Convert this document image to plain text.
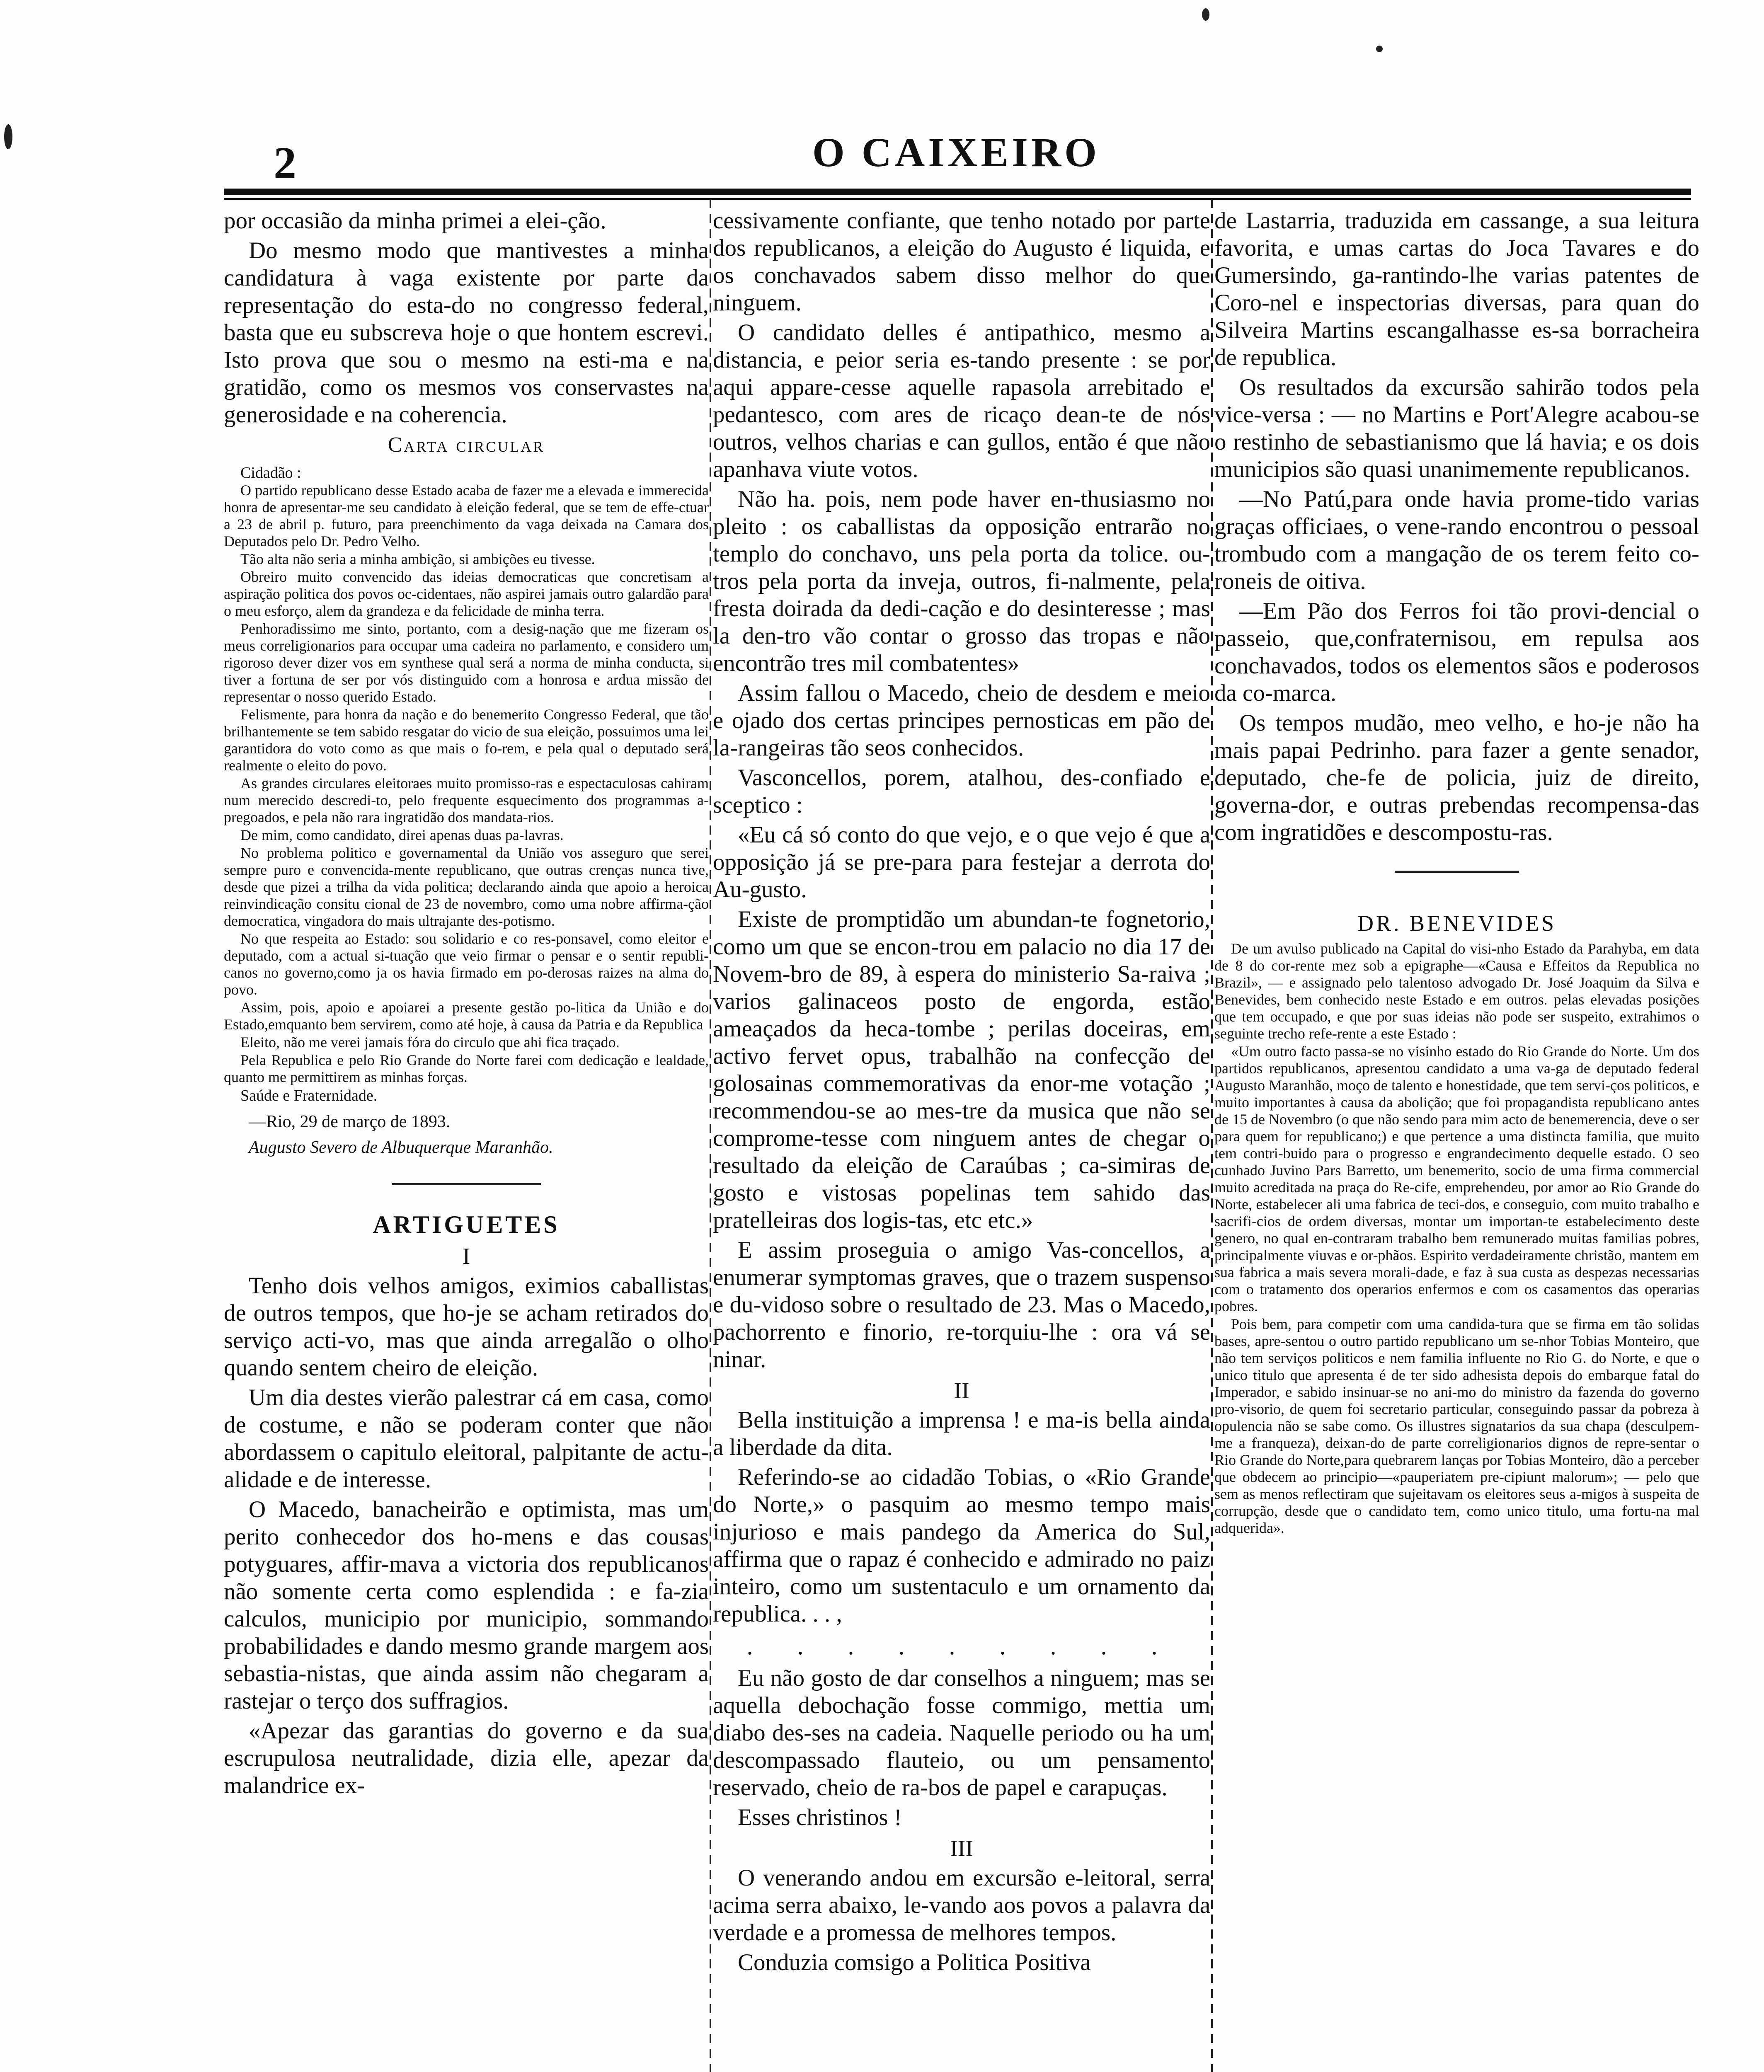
2	O CAIXEIRO

por occasião da minha primei a elei-ção.

Do mesmo modo que mantivestes a minha candidatura à vaga existente por parte da representação do esta-do no congresso federal, basta que eu subscreva hoje o que hontem escrevi. Isto prova que sou o mesmo na esti-ma e na gratidão, como os mesmos vos conservastes na generosidade e na coherencia.

Carta circular
Cidadão :

O partido republicano desse Estado acaba de fazer me a elevada e immerecida honra de apresentar-me seu candidato à eleição federal, que se tem de effe-ctuar a 23 de abril p. futuro, para preenchimento da vaga deixada na Camara dos Deputados pelo Dr. Pedro Velho.

Tão alta não seria a minha ambição, si ambições eu tivesse.

Obreiro muito convencido das ideias democraticas que concretisam a aspiração politica dos povos oc-cidentaes, não aspirei jamais outro galardão para o meu esforço, alem da grandeza e da felicidade de minha terra.

Penhoradissimo me sinto, portanto, com a desig-nação que me fizeram os meus correligionarios para occupar uma cadeira no parlamento, e considero um rigoroso dever dizer vos em synthese qual será a norma de minha conducta, si tiver a fortuna de ser por vós distinguido com a honrosa e ardua missão de representar o nosso querido Estado.

Felismente, para honra da nação e do benemerito Congresso Federal, que tão brilhantemente se tem sabido resgatar do vicio de sua eleição, possuimos uma lei garantidora do voto como as que mais o fo-rem, e pela qual o deputado será realmente o eleito do povo.

As grandes circulares eleitoraes muito promisso-ras e espectaculosas cahiram num merecido descredi-to, pelo frequente esquecimento dos programmas a-pregoados, e pela não rara ingratidão dos mandata-rios.

De mim, como candidato, direi apenas duas pa-lavras.

No problema politico e governamental da União vos asseguro que serei sempre puro e convencida-mente republicano, que outras crenças nunca tive, desde que pizei a trilha da vida politica; declarando ainda que apoio a heroica reinvindicação consitu cional de 23 de novembro, como uma nobre affirma-ção democratica, vingadora do mais ultrajante des-potismo.

No que respeita ao Estado: sou solidario e co res-ponsavel, como eleitor e deputado, com a actual si-tuação que veio firmar o pensar e o sentir republi-canos no governo,como ja os havia firmado em po-derosas raizes na alma do povo.

Assim, pois, apoio e apoiarei a presente gestão po-litica da União e do Estado,emquanto bem servirem, como até hoje, à causa da Patria e da Republica

Eleito, não me verei jamais fóra do circulo que ahi fica traçado.

Pela Republica e pelo Rio Grande do Norte farei com dedicação e lealdade, quanto me permittirem as minhas forças.

Saúde e Fraternidade.
—Rio, 29 de março de 1893.
Augusto Severo de Albuquerque Maranhão.
ARTIGUETES
I

Tenho dois velhos amigos, eximios caballistas de outros tempos, que ho-je se acham retirados do serviço acti-vo, mas que ainda arregalão o olho quando sentem cheiro de eleição.

Um dia destes vierão palestrar cá em casa, como de costume, e não se poderam conter que não abordassem o capitulo eleitoral, palpitante de actu-alidade e de interesse.

O Macedo, banacheirão e optimista, mas um perito conhecedor dos ho-mens e das cousas potyguares, affir-mava a victoria dos republicanos não somente certa como esplendida : e fa-zia calculos, municipio por municipio, sommando probabilidades e dando mesmo grande margem aos sebastia-nistas, que ainda assim não chegaram a rastejar o terço dos suffragios.

«Apezar das garantias do governo e da sua escrupulosa neutralidade, dizia elle, apezar da malandrice ex-

cessivamente confiante, que tenho notado por parte dos republicanos, a eleição do Augusto é liquida, e os conchavados sabem disso melhor do que ninguem.

O candidato delles é antipathico, mesmo a distancia, e peior seria es-tando presente : se por aqui appare-cesse aquelle rapasola arrebitado e pedantesco, com ares de ricaço dean-te de nós outros, velhos charias e can gullos, então é que não apanhava viute votos.

Não ha. pois, nem pode haver en-thusiasmo no pleito : os caballistas da opposição entrarão no templo do conchavo, uns pela porta da tolice. ou-tros pela porta da inveja, outros, fi-nalmente, pela fresta doirada da dedi-cação e do desinteresse ; mas la den-tro vão contar o grosso das tropas e não encontrão tres mil combatentes»

Assim fallou o Macedo, cheio de desdem e meio e ojado dos certas principes pernosticas em pão de la-rangeiras tão seos conhecidos.

Vasconcellos, porem, atalhou, des-confiado e sceptico :

«Eu cá só conto do que vejo, e o que vejo é que a opposição já se pre-para para festejar a derrota do Au-gusto.

Existe de promptidão um abundan-te fognetorio, como um que se encon-trou em palacio no dia 17 de Novem-bro de 89, à espera do ministerio Sa-raiva ; varios galinaceos posto de engorda, estão ameaçados da heca-tombe ; perilas doceiras, em activo fervet opus, trabalhão na confecção de golosainas commemorativas da enor-me votação ; recommendou-se ao mes-tre da musica que não se comprome-tesse com ninguem antes de chegar o resultado da eleição de Caraúbas ; ca-simiras de gosto e vistosas popelinas tem sahido das pratelleiras dos logis-tas, etc etc.»

E assim proseguia o amigo Vas-concellos, a enumerar symptomas graves, que o trazem suspenso e du-vidoso sobre o resultado de 23. Mas o Macedo, pachorrento e finorio, re-torquiu-lhe : ora vá se ninar.

II

Bella instituição a imprensa ! e ma-is bella ainda a liberdade da dita.

Referindo-se ao cidadão Tobias, o «Rio Grande do Norte,» o pasquim ao mesmo tempo mais injurioso e mais pandego da America do Sul, affirma que o rapaz é conhecido e admirado no paiz inteiro, como um sustentaculo e um ornamento da republica. . . ,

. . . . . . . . .

Eu não gosto de dar conselhos a ninguem; mas se aquella debochação fosse commigo, mettia um diabo des-ses na cadeia. Naquelle periodo ou ha um descompassado flauteio, ou um pensamento reservado, cheio de ra-bos de papel e carapuças.

Esses christinos !

III

O venerando andou em excursão e-leitoral, serra acima serra abaixo, le-vando aos povos a palavra da verdade e a promessa de melhores tempos.

Conduzia comsigo a Politica Positiva

de Lastarria, traduzida em cassange, a sua leitura favorita, e umas cartas do Joca Tavares e do Gumersindo, ga-rantindo-lhe varias patentes de Coro-nel e inspectorias diversas, para quan do Silveira Martins escangalhasse es-sa borracheira de republica.

Os resultados da excursão sahirão todos pela vice-versa : — no Martins e Port'Alegre acabou-se o restinho de sebastianismo que lá havia; e os dois municipios são quasi unanimemente republicanos.

—No Patú,para onde havia prome-tido varias graças officiaes, o vene-rando encontrou o pessoal trombudo com a mangação de os terem feito co-roneis de oitiva.

—Em Pão dos Ferros foi tão provi-dencial o passeio, que,confraternisou, em repulsa aos conchavados, todos os elementos sãos e poderosos da co-marca.

Os tempos mudão, meo velho, e ho-je não ha mais papai Pedrinho. para fazer a gente senador, deputado, che-fe de policia, juiz de direito, governa-dor, e outras prebendas recompensa-das com ingratidões e descompostu-ras.

DR. BENEVIDES

De um avulso publicado na Capital do visi-nho Estado da Parahyba, em data de 8 do cor-rente mez sob a epigraphe—«Causa e Effeitos da Republica no Brazil», — e assignado pelo talentoso advogado Dr. José Joaquim da Silva e Benevides, bem conhecido neste Estado e em outros. pelas elevadas posições que tem occupado, e que por suas ideias não pode ser suspeito, extrahimos o seguinte trecho refe-rente a este Estado :

«Um outro facto passa-se no visinho estado do Rio Grande do Norte. Um dos partidos republicanos, apresentou candidato a uma va-ga de deputado federal Augusto Maranhão, moço de talento e honestidade, que tem servi-ços politicos, e muito importantes à causa da abolição; que foi propagandista republicano antes de 15 de Novembro (o que não sendo para mim acto de benemerencia, deve o ser para quem for republicano;) e que pertence a uma distincta familia, que muito tem contri-buido para o progresso e engrandecimento dequelle estado. O seo cunhado Juvino Pars Barretto, um benemerito, socio de uma firma commercial muito acreditada na praça do Re-cife, emprehendeu, por amor ao Rio Grande do Norte, estabelecer ali uma fabrica de teci-dos, e conseguio, com muito trabalho e sacrifi-cios de ordem diversas, montar um importan-te estabelecimento deste genero, no qual en-contraram trabalho bem remunerado muitas familias pobres, principalmente viuvas e or-phãos. Espirito verdadeiramente christão, mantem em sua fabrica a mais severa morali-dade, e faz à sua custa as despezas necessarias com o tratamento dos operarios enfermos e com os casamentos das operarias pobres.

Pois bem, para competir com uma candida-tura que se firma em tão solidas bases, apre-sentou o outro partido republicano um se-nhor Tobias Monteiro, que não tem serviços politicos e nem familia influente no Rio G. do Norte, e que o unico titulo que apresenta é de ter sido adhesista depois do embarque fatal do Imperador, e sabido insinuar-se no ani-mo do ministro da fazenda do governo pro-visorio, de quem foi secretario particular, conseguindo passar da pobreza à opulencia não se sabe como. Os illustres signatarios da sua chapa (desculpem-me a franqueza), deixan-do de parte correligionarios dignos de repre-sentar o Rio Grande do Norte,para quebrarem lanças por Tobias Monteiro, dão a perceber que obdecem ao principio—«pauperiatem pre-cipiunt malorum»; — pelo que sem as menos reflectiram que sujeitavam os eleitores seus a-migos à suspeita de corrupção, desde que o candidato tem, como unico titulo, uma fortu-na mal adquerida».
